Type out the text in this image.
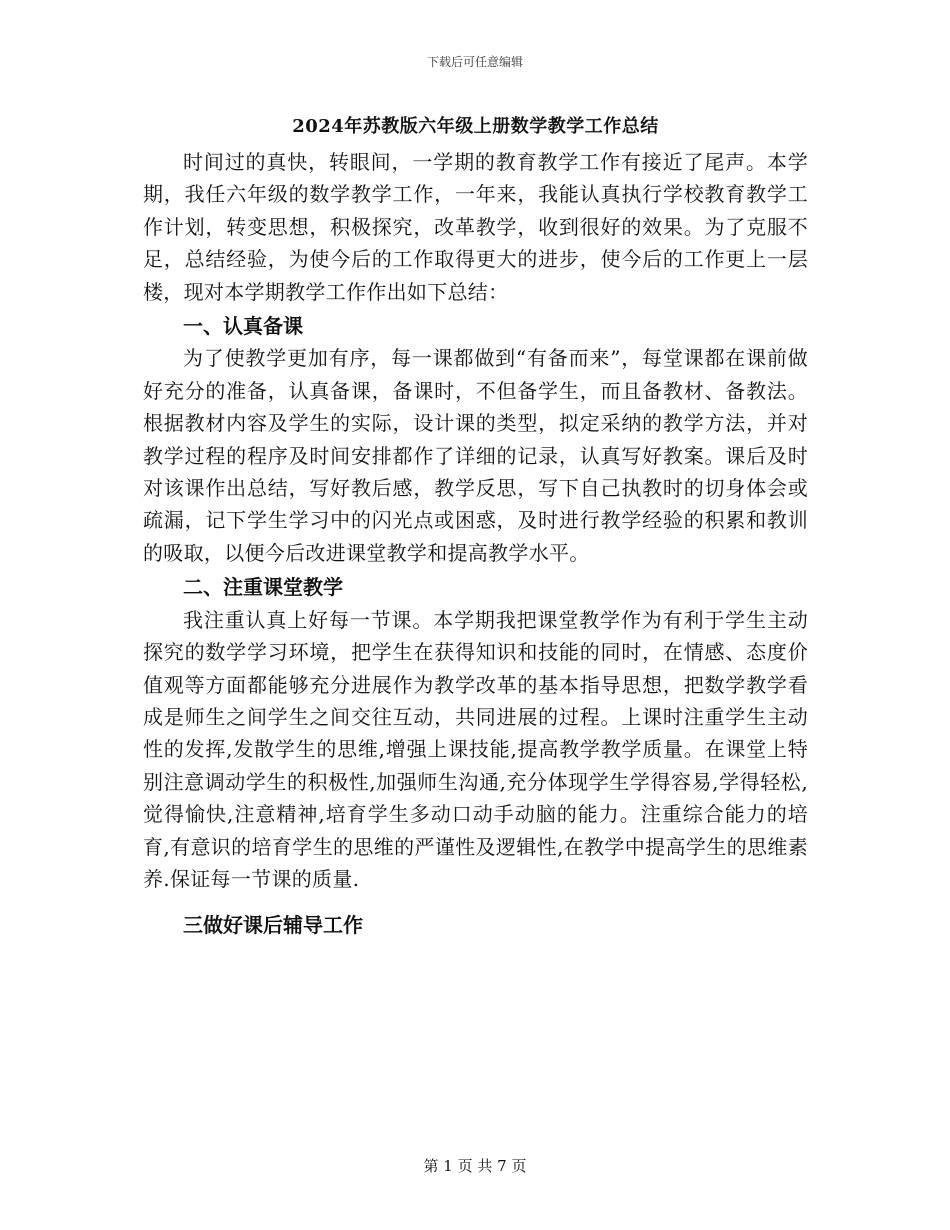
下载后可任意编辑
2024年苏教版六年级上册数学教学工作总结

时间过的真快，转眼间，一学期的教育教学工作有接近了尾声。本学期，我任六年级的数学教学工作，一年来，我能认真执行学校教育教学工作计划，转变思想，积极探究，改革教学，收到很好的效果。为了克服不足，总结经验，为使今后的工作取得更大的进步，使今后的工作更上一层楼，现对本学期教学工作作出如下总结：

一、认真备课

为了使教学更加有序，每一课都做到“有备而来”，每堂课都在课前做好充分的准备，认真备课，备课时，不但备学生，而且备教材、备教法。根据教材内容及学生的实际，设计课的类型，拟定采纳的教学方法，并对教学过程的程序及时间安排都作了详细的记录，认真写好教案。课后及时对该课作出总结，写好教后感，教学反思，写下自己执教时的切身体会或疏漏，记下学生学习中的闪光点或困惑，及时进行教学经验的积累和教训的吸取，以便今后改进课堂教学和提高教学水平。

二、注重课堂教学

我注重认真上好每一节课。本学期我把课堂教学作为有利于学生主动探究的数学学习环境，把学生在获得知识和技能的同时，在情感、态度价值观等方面都能够充分进展作为教学改革的基本指导思想，把数学教学看成是师生之间学生之间交往互动，共同进展的过程。上课时注重学生主动性的发挥,发散学生的思维,增强上课技能,提高教学教学质量。在课堂上特别注意调动学生的积极性,加强师生沟通,充分体现学生学得容易,学得轻松,觉得愉快,注意精神,培育学生多动口动手动脑的能力。注重综合能力的培育,有意识的培育学生的思维的严谨性及逻辑性,在教学中提高学生的思维素养.保证每一节课的质量.

三做好课后辅导工作
第 1 页 共 7 页
